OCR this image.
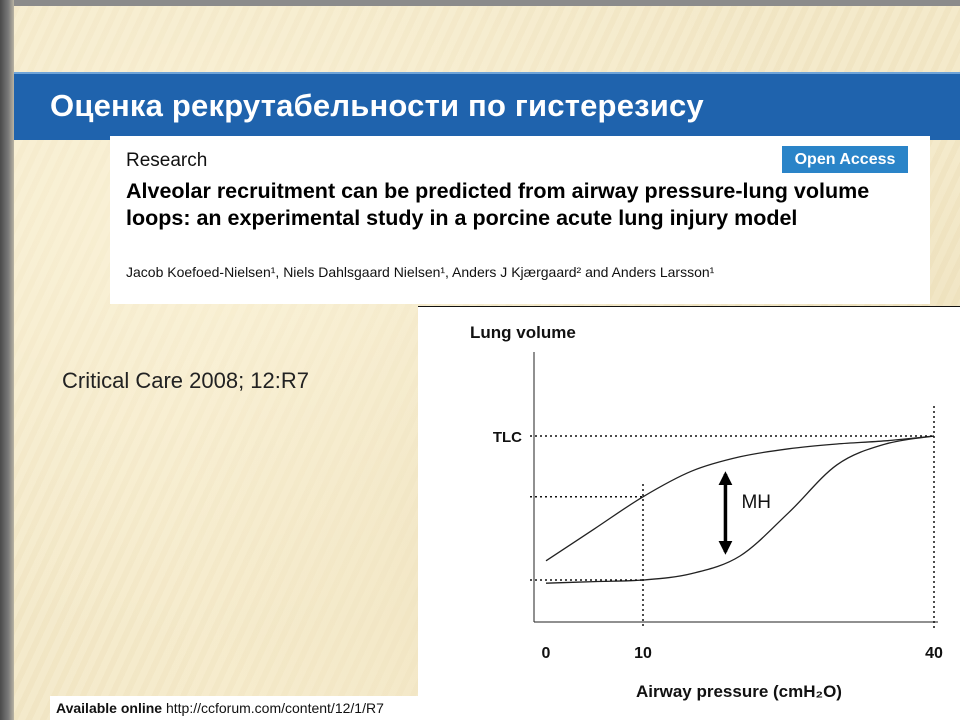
Оценка рекрутабельности по гистерезису
Research	Open Access
Alveolar recruitment can be predicted from airway pressure-lung volume loops: an experimental study in a porcine acute lung injury model
Jacob Koefoed-Nielsen¹, Niels Dahlsgaard Nielsen¹, Anders J Kjærgaard² and Anders Larsson¹
Critical Care 2008; 12:R7
Lung volume
Airway pressure (cmH₂O)
TLC
MH
0	10	40
Available online http://ccforum.com/content/12/1/R7
